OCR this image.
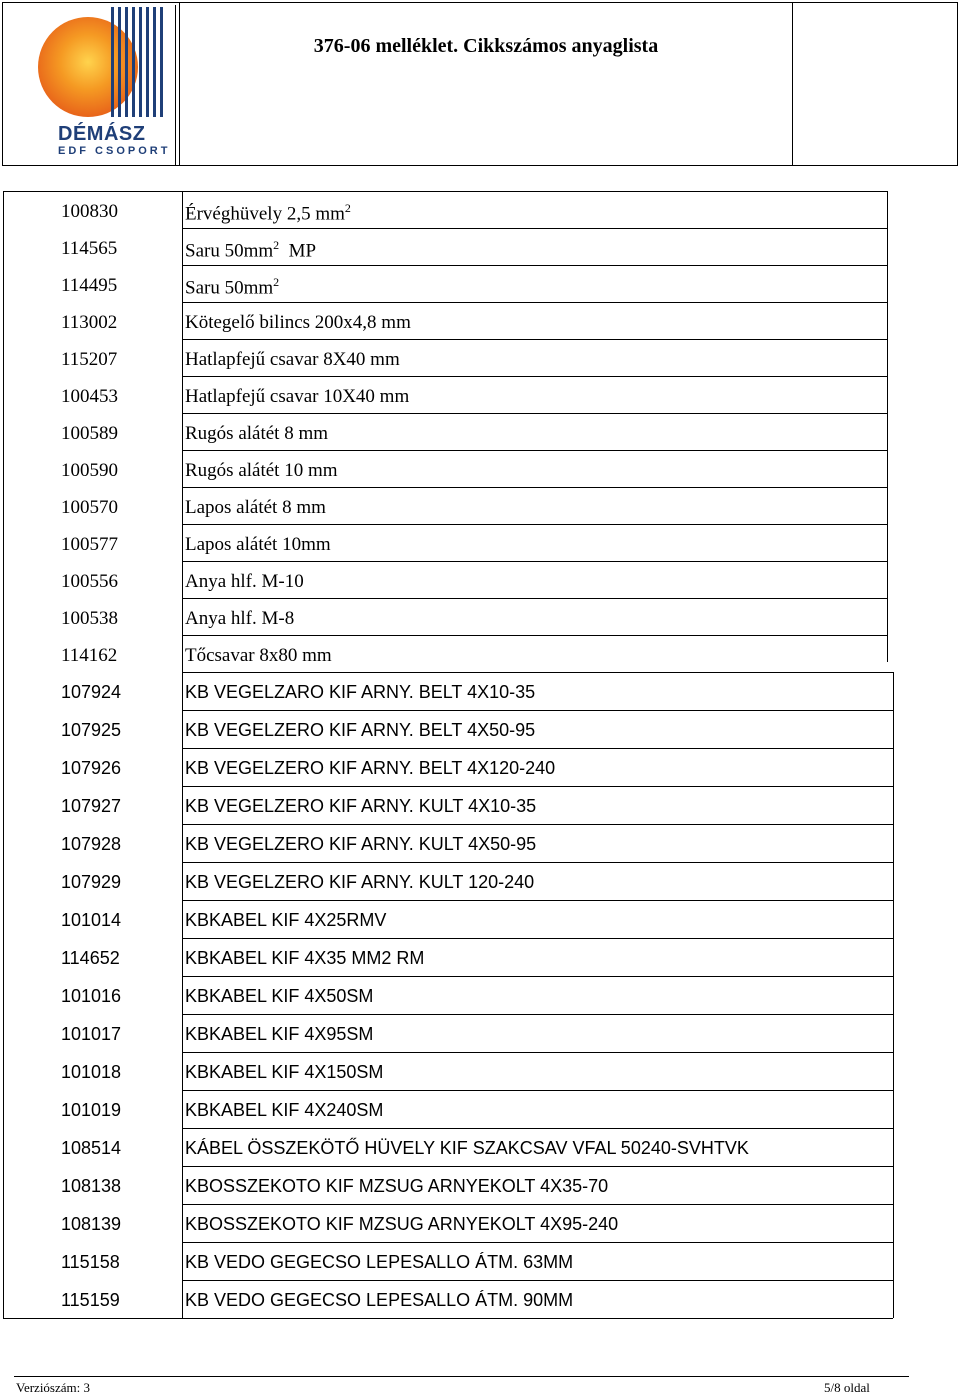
DÉMÁSZ
EDF CSOPORT
376-06 melléklet. Cikkszámos anyaglista
100830	Érvéghüvely 2,5 $mm^2$
114565	Saru $50mm^2$  MP
114495	Saru $50mm^2$
113002	Kötegelő bilincs 200x4,8 mm
115207	Hatlapfejű csavar 8X40 mm
100453	Hatlapfejű csavar 10X40 mm
100589	Rugós alátét 8 mm
100590	Rugós alátét 10 mm
100570	Lapos alátét 8 mm
100577	Lapos alátét 10mm
100556	Anya hlf. M-10
100538	Anya hlf. M-8
114162	Tőcsavar 8x80 mm
107924	KB VEGELZARO KIF ARNY. BELT 4X10-35
107925	KB VEGELZERO KIF ARNY. BELT 4X50-95
107926	KB VEGELZERO KIF ARNY. BELT 4X120-240
107927	KB VEGELZERO KIF ARNY. KULT 4X10-35
107928	KB VEGELZERO KIF ARNY. KULT 4X50-95
107929	KB VEGELZERO KIF ARNY. KULT 120-240
101014	KBKABEL KIF 4X25RMV
114652	KBKABEL KIF 4X35 MM2 RM
101016	KBKABEL KIF 4X50SM
101017	KBKABEL KIF 4X95SM
101018	KBKABEL KIF 4X150SM
101019	KBKABEL KIF 4X240SM
108514	KÁBEL ÖSSZEKÖTŐ HÜVELY KIF SZAKCSAV VFAL 50240-SVHTVK
108138	KBOSSZEKOTO KIF MZSUG ARNYEKOLT 4X35-70
108139	KBOSSZEKOTO KIF MZSUG ARNYEKOLT 4X95-240
115158	KB VEDO GEGECSO LEPESALLO ÁTM. 63MM
115159	KB VEDO GEGECSO LEPESALLO ÁTM. 90MM
Verziószám: 3	5/8 oldal
